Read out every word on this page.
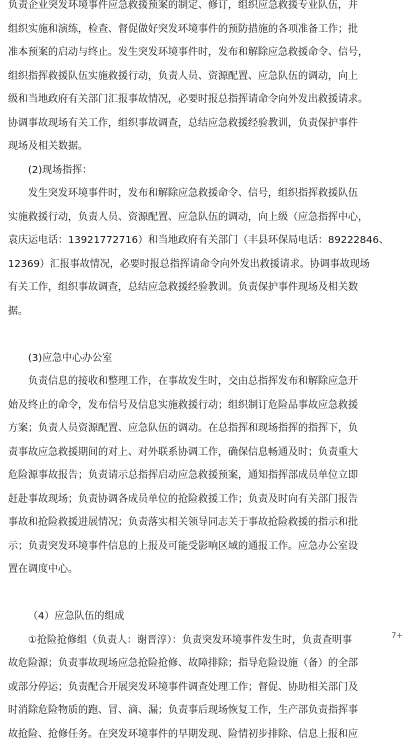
负责企业突发环境事件应急救援预案的制定、修订，组织应急救援专业队伍，并
组织实施和演练，检查、督促做好突发环境事件的预防措施的各项准备工作；批
准本预案的启动与终止。发生突发环境事件时，发布和解除应急救援命令、信号，
组织指挥救援队伍实施救援行动，负责人员、资源配置、应急队伍的调动，向上
级和当地政府有关部门汇报事故情况，必要时报总指挥请命令向外发出救援请求。
协调事故现场有关工作，组织事故调查，总结应急救援经验教训，负责保护事件
现场及相关数据。
(2)现场指挥：
发生突发环境事件时，发布和解除应急救援命令、信号，组织指挥救援队伍
实施救援行动，负责人员、资源配置、应急队伍的调动，向上级（应急指挥中心，
袁庆运电话：13921772716）和当地政府有关部门（丰县环保局电话：89222846、
12369）汇报事故情况，必要时报总指挥请命令向外发出救援请求。协调事故现场
有关工作，组织事故调查，总结应急救援经验教训。负责保护事件现场及相关数
据。
(3)应急中心办公室
负责信息的接收和整理工作，在事故发生时，交由总指挥发布和解除应急开
始及终止的命令，发布信号及信息实施救援行动；组织制订危险品事故应急救援
方案；负责人员资源配置、应急队伍的调动。在总指挥和现场指挥的指挥下，负
责事故应急救援期间的对上、对外联系协调工作，确保信息畅通及时；负责重大
危险源事故报告；负责请示总指挥启动应急救援预案，通知指挥部成员单位立即
赶赴事故现场；负责协调各成员单位的抢险救援工作；负责及时向有关部门报告
事故和抢险救援进展情况；负责落实相关领导同志关于事故抢险救援的指示和批
示；负责突发环境事件信息的上报及可能受影响区域的通报工作。应急办公室设
置在调度中心。
（4）应急队伍的组成
①抢险抢修组（负责人：谢晋淳）：负责突发环境事件发生时，负责查明事
故危险源；负责事故现场应急抢险抢修、故障排除；指导危险设施（备）的全部
或部分停运；负责配合开展突发环境事件调查处理工作；督促、协助相关部门及
时消除危险物质的跑、冒、滴、漏；负责事后现场恢复工作，生产部负责指挥事
故抢险、抢修任务。在突发环境事件的早期发现、险情初步排除、信息上报和应
7+
